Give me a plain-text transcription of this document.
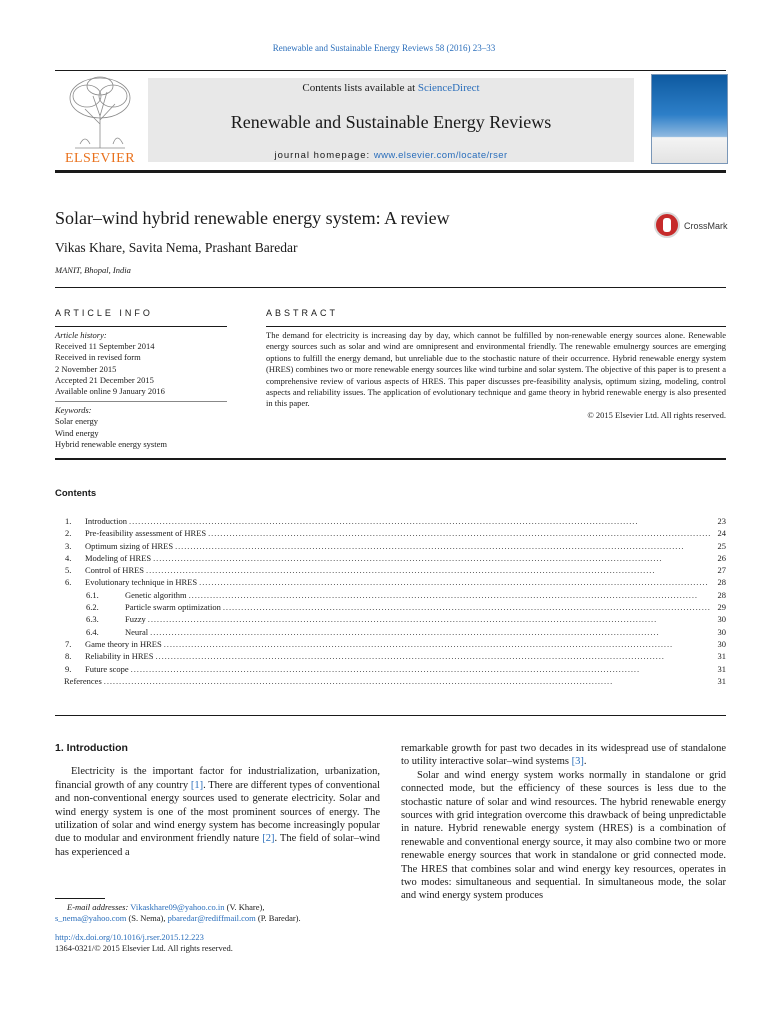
Renewable and Sustainable Energy Reviews 58 (2016) 23–33
ELSEVIER
Contents lists available at ScienceDirect
Renewable and Sustainable Energy Reviews
journal homepage: www.elsevier.com/locate/rser
Solar–wind hybrid renewable energy system: A review
Vikas Khare, Savita Nema, Prashant Baredar
MANIT, Bhopal, India
CrossMark
ARTICLE INFO
Article history:
Received 11 September 2014
Received in revised form
2 November 2015
Accepted 21 December 2015
Available online 9 January 2016
Keywords:
Solar energy
Wind energy
Hybrid renewable energy system
ABSTRACT
The demand for electricity is increasing day by day, which cannot be fulfilled by non-renewable energy sources alone. Renewable energy sources such as solar and wind are omnipresent and environmental friendly. The renewable emulnergy sources are emerging options to fulfill the energy demand, but unreliable due to the stochastic nature of their occurrence. Hybrid renewable energy system (HRES) combines two or more renewable energy sources like wind turbine and solar system. The objective of this paper is to present a comprehensive review of various aspects of HRES. This paper discusses pre-feasibility analysis, optimum sizing, modeling, control aspects and reliability issues. The application of evolutionary technique and game theory in hybrid renewable energy is also presented in this paper.
© 2015 Elsevier Ltd. All rights reserved.
Contents
1.	Introduction . . .	23
2.	Pre-feasibility assessment of HRES . . .	24
3.	Optimum sizing of HRES . . .	25
4.	Modeling of HRES . . .	26
5.	Control of HRES . . .	27
6.	Evolutionary technique in HRES . . .	28
6.1.	Genetic algorithm . . .	28
6.2.	Particle swarm optimization . . .	29
6.3.	Fuzzy . . .	30
6.4.	Neural . . .	30
7.	Game theory in HRES . . .	30
8.	Reliability in HRES . . .	31
9.	Future scope . . .	31
References . . .	31
1. Introduction

Electricity is the important factor for industrialization, urbanization, financial growth of any country [1]. There are different types of conventional and non-conventional energy sources used to generate electricity. Solar and wind energy system is one of the most prominent sources of energy. The utilization of solar and wind energy system has become increasingly popular due to modular and environment friendly nature [2]. The field of solar–wind has experienced a

remarkable growth for past two decades in its widespread use of standalone to utility interactive solar–wind systems [3].

Solar and wind energy system works normally in standalone or grid connected mode, but the efficiency of these sources is less due to the stochastic nature of solar and wind resources. The hybrid renewable energy sources with grid integration overcome this drawback of being unpredictable in nature. Hybrid renewable energy system (HRES) is a combination of renewable and conventional energy source, it may also combine two or more renewable energy sources that work in standalone or grid connected mode. The HRES that combines solar and wind energy key resources, operates in two modes: simultaneous and sequential. In simultaneous mode, the solar and wind energy system produces

E-mail addresses: Vikaskhare09@yahoo.co.in (V. Khare),
s_nema@yahoo.com (S. Nema), pbaredar@rediffmail.com (P. Baredar).
http://dx.doi.org/10.1016/j.rser.2015.12.223
1364-0321/© 2015 Elsevier Ltd. All rights reserved.
